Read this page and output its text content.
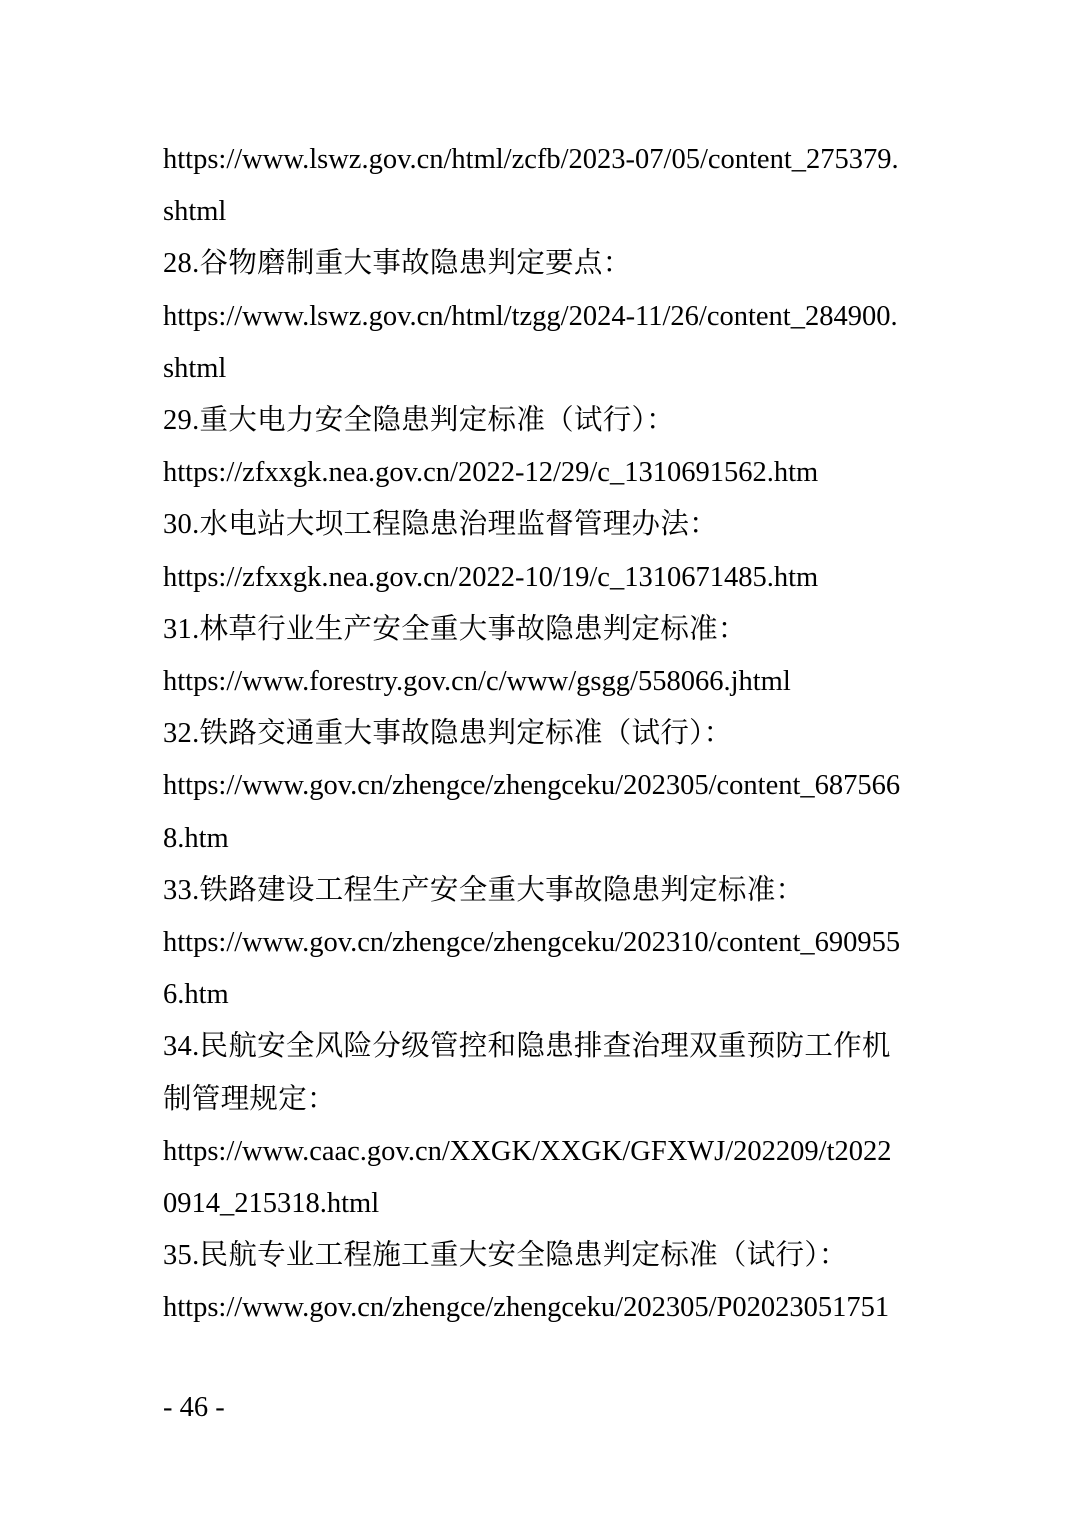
https://www.lswz.gov.cn/html/zcfb/2023-07/05/content_275379.
shtml
28.谷物磨制重大事故隐患判定要点：
https://www.lswz.gov.cn/html/tzgg/2024-11/26/content_284900.
shtml
29.重大电力安全隐患判定标准（试行）：
https://zfxxgk.nea.gov.cn/2022-12/29/c_1310691562.htm
30.水电站大坝工程隐患治理监督管理办法：
https://zfxxgk.nea.gov.cn/2022-10/19/c_1310671485.htm
31.林草行业生产安全重大事故隐患判定标准：
https://www.forestry.gov.cn/c/www/gsgg/558066.jhtml
32.铁路交通重大事故隐患判定标准（试行）：
https://www.gov.cn/zhengce/zhengceku/202305/content_687566
8.htm
33.铁路建设工程生产安全重大事故隐患判定标准：
https://www.gov.cn/zhengce/zhengceku/202310/content_690955
6.htm
34.民航安全风险分级管控和隐患排查治理双重预防工作机
制管理规定：
https://www.caac.gov.cn/XXGK/XXGK/GFXWJ/202209/t2022
0914_215318.html
35.民航专业工程施工重大安全隐患判定标准（试行）：
https://www.gov.cn/zhengce/zhengceku/202305/P02023051751
- 46 -
